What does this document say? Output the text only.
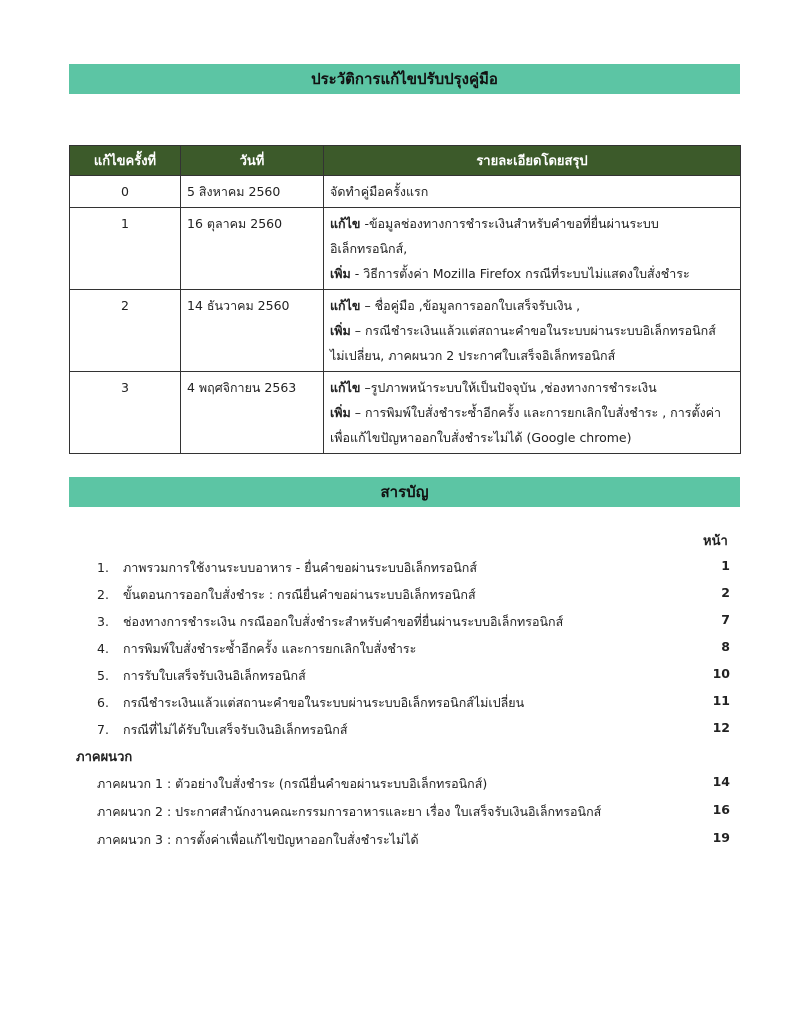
ประวัติการแก้ไขปรับปรุงคู่มือ
แก้ไขครั้งที่	วันที่	รายละเอียดโดยสรุป
0	5 สิงหาคม 2560	จัดทำคู่มือครั้งแรก

1	16 ตุลาคม 2560	แก้ไข -ข้อมูลช่องทางการชำระเงินสำหรับคำขอที่ยื่นผ่านระบบ
อิเล็กทรอนิกส์,
เพิ่ม - วิธีการตั้งค่า Mozilla Firefox กรณีที่ระบบไม่แสดงใบสั่งชำระ

2	14 ธันวาคม 2560	แก้ไข – ชื่อคู่มือ ,ข้อมูลการออกใบเสร็จรับเงิน ,
เพิ่ม – กรณีชำระเงินแล้วแต่สถานะคำขอในระบบผ่านระบบอิเล็กทรอนิกส์
ไม่เปลี่ยน, ภาคผนวก 2 ประกาศใบเสร็จอิเล็กทรอนิกส์

3	4 พฤศจิกายน 2563	แก้ไข –รูปภาพหน้าระบบให้เป็นปัจจุบัน ,ช่องทางการชำระเงิน
เพิ่ม – การพิมพ์ใบสั่งชำระซ้ำอีกครั้ง และการยกเลิกใบสั่งชำระ , การตั้งค่า
เพื่อแก้ไขปัญหาออกใบสั่งชำระไม่ได้ (Google chrome)
สารบัญ
หน้า
1. ภาพรวมการใช้งานระบบอาหาร - ยื่นคำขอผ่านระบบอิเล็กทรอนิกส์	1
2. ขั้นตอนการออกใบสั่งชำระ : กรณียื่นคำขอผ่านระบบอิเล็กทรอนิกส์	2
3. ช่องทางการชำระเงิน กรณีออกใบสั่งชำระสำหรับคำขอที่ยื่นผ่านระบบอิเล็กทรอนิกส์	7
4. การพิมพ์ใบสั่งชำระซ้ำอีกครั้ง และการยกเลิกใบสั่งชำระ	8
5. การรับใบเสร็จรับเงินอิเล็กทรอนิกส์	10
6. กรณีชำระเงินแล้วแต่สถานะคำขอในระบบผ่านระบบอิเล็กทรอนิกส์ไม่เปลี่ยน	11
7. กรณีที่ไม่ได้รับใบเสร็จรับเงินอิเล็กทรอนิกส์	12
ภาคผนวก
ภาคผนวก 1 : ตัวอย่างใบสั่งชำระ (กรณียื่นคำขอผ่านระบบอิเล็กทรอนิกส์)	14
ภาคผนวก 2 : ประกาศสำนักงานคณะกรรมการอาหารและยา เรื่อง ใบเสร็จรับเงินอิเล็กทรอนิกส์	16
ภาคผนวก 3 : การตั้งค่าเพื่อแก้ไขปัญหาออกใบสั่งชำระไม่ได้	19
